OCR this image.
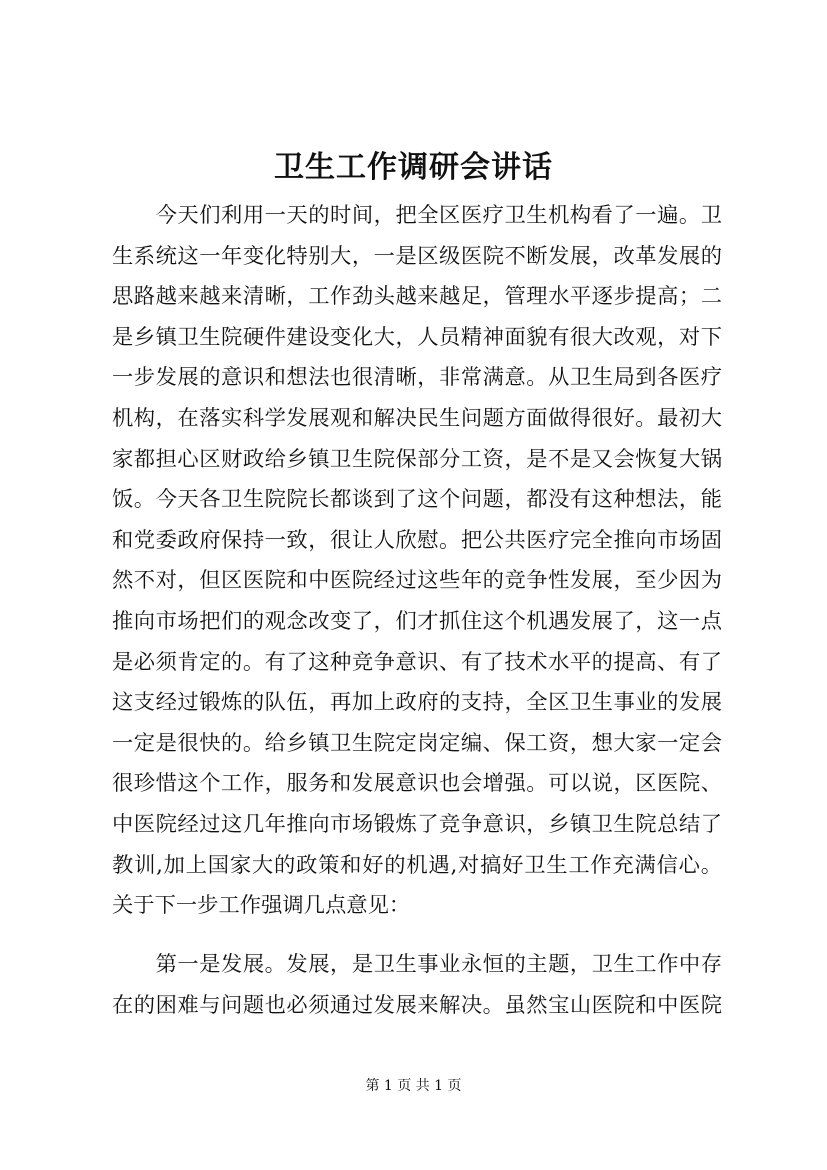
卫生工作调研会讲话
　　今天们利用一天的时间，把全区医疗卫生机构看了一遍。卫
生系统这一年变化特别大，一是区级医院不断发展，改革发展的
思路越来越来清晰，工作劲头越来越足，管理水平逐步提高；二
是乡镇卫生院硬件建设变化大，人员精神面貌有很大改观，对下
一步发展的意识和想法也很清晰，非常满意。从卫生局到各医疗
机构，在落实科学发展观和解决民生问题方面做得很好。最初大
家都担心区财政给乡镇卫生院保部分工资，是不是又会恢复大锅
饭。今天各卫生院院长都谈到了这个问题，都没有这种想法，能
和党委政府保持一致，很让人欣慰。把公共医疗完全推向市场固
然不对，但区医院和中医院经过这些年的竞争性发展，至少因为
推向市场把们的观念改变了，们才抓住这个机遇发展了，这一点
是必须肯定的。有了这种竞争意识、有了技术水平的提高、有了
这支经过锻炼的队伍，再加上政府的支持，全区卫生事业的发展
一定是很快的。给乡镇卫生院定岗定编、保工资，想大家一定会
很珍惜这个工作，服务和发展意识也会增强。可以说，区医院、
中医院经过这几年推向市场锻炼了竞争意识，乡镇卫生院总结了
教训,加上国家大的政策和好的机遇,对搞好卫生工作充满信心。
关于下一步工作强调几点意见：
　　第一是发展。发展，是卫生事业永恒的主题，卫生工作中存
在的困难与问题也必须通过发展来解决。虽然宝山医院和中医院
第 1 页 共 1 页
